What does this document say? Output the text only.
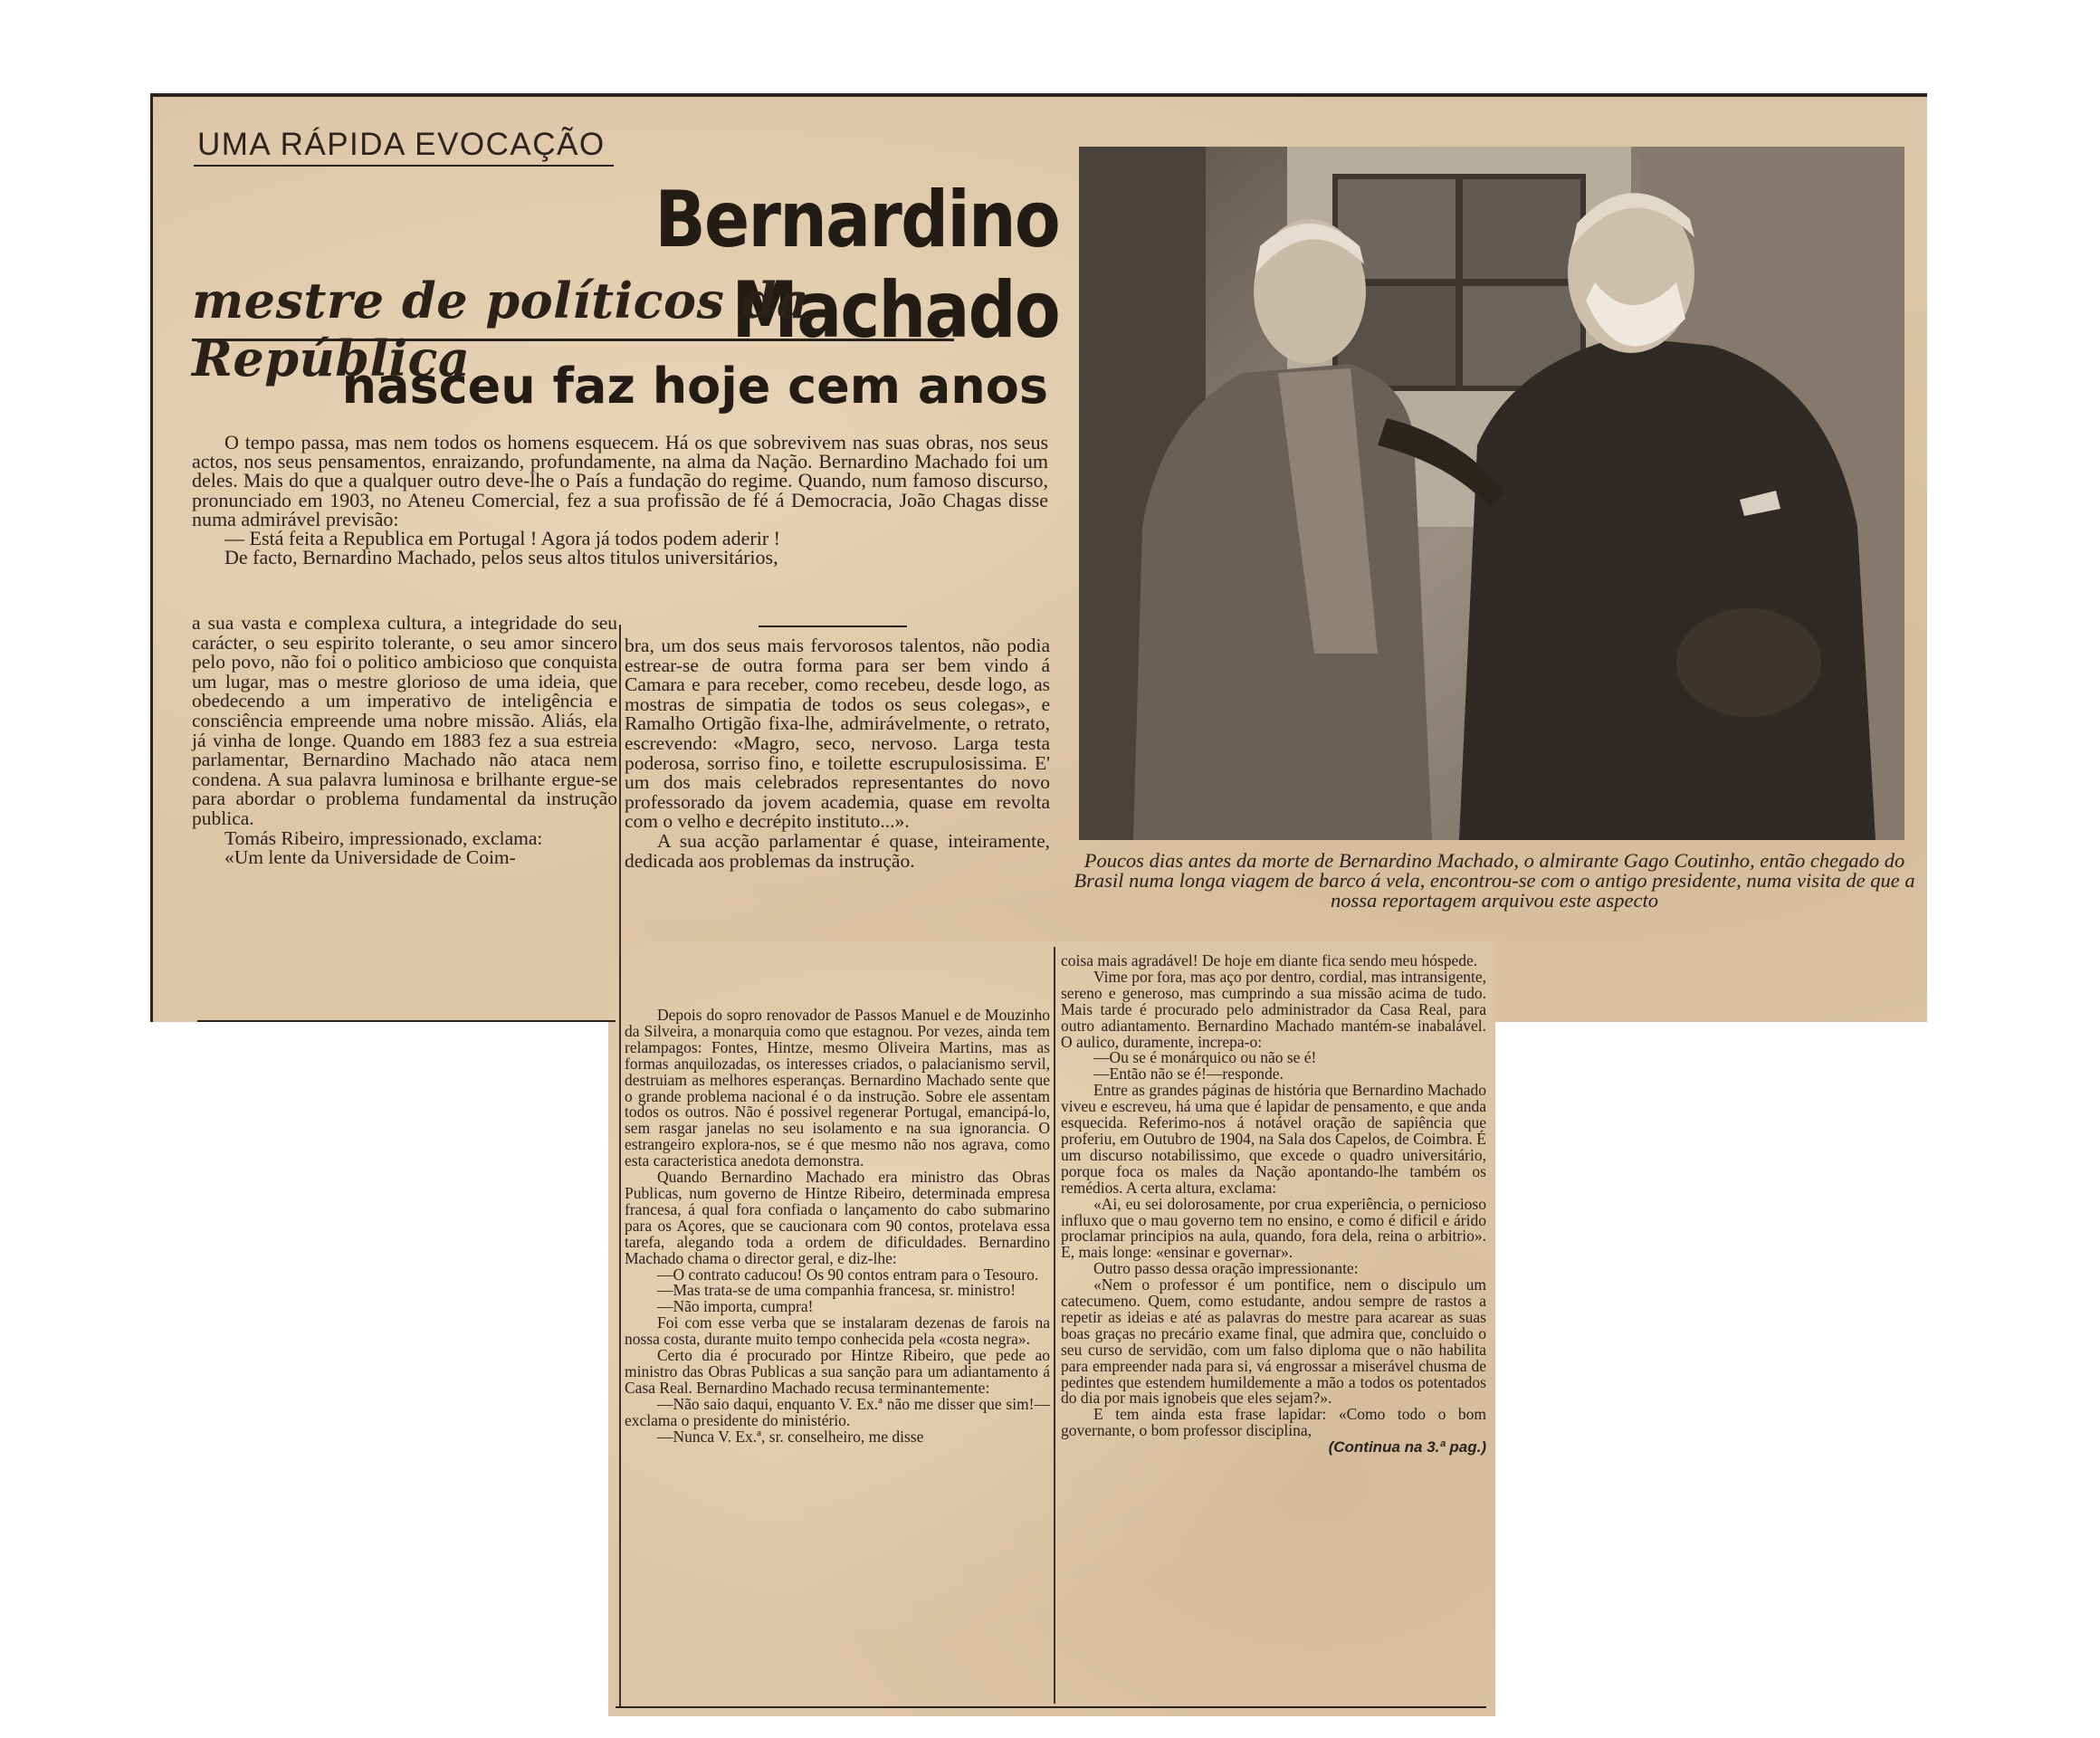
UMA RÁPIDA EVOCAÇÃO
Bernardino Machado
mestre de políticos da República
nasceu faz hoje cem anos

O tempo passa, mas nem todos os homens esquecem. Há os que sobrevivem nas suas obras, nos seus actos, nos seus pensamentos, enraizando, profundamente, na alma da Nação. Bernardino Machado foi um deles. Mais do que a qualquer outro deve-lhe o País a fundação do regime. Quando, num famoso discurso, pronunciado em 1903, no Ateneu Comercial, fez a sua profissão de fé á Democracia, João Chagas disse numa admirável previsão:

— Está feita a Republica em Portugal ! Agora já todos podem aderir !

De facto, Bernardino Machado, pelos seus altos titulos universitários,

a sua vasta e complexa cultura, a integridade do seu carácter, o seu espirito tolerante, o seu amor sincero pelo povo, não foi o politico ambicioso que conquista um lugar, mas o mestre glorioso de uma ideia, que obedecendo a um imperativo de inteligência e consciência empreende uma nobre missão. Aliás, ela já vinha de longe. Quando em 1883 fez a sua estreia parlamentar, Bernardino Machado não ataca nem condena. A sua palavra luminosa e brilhante ergue-se para abordar o problema fundamental da instrução publica.

Tomás Ribeiro, impressionado, exclama:

«Um lente da Universidade de Coim-

bra, um dos seus mais fervorosos talentos, não podia estrear-se de outra forma para ser bem vindo á Camara e para receber, como recebeu, desde logo, as mostras de simpatia de todos os seus colegas», e Ramalho Ortigão fixa-lhe, admirávelmente, o retrato, escrevendo: «Magro, seco, nervoso. Larga testa poderosa, sorriso fino, e toilette escrupulosissima. E' um dos mais celebrados representantes do novo professorado da jovem academia, quase em revolta com o velho e decrépito instituto...».

A sua acção parlamentar é quase, inteiramente, dedicada aos problemas da instrução.

Depois do sopro renovador de Passos Manuel e de Mouzinho da Silveira, a monarquia como que estagnou. Por vezes, ainda tem relampagos: Fontes, Hintze, mesmo Oliveira Martins, mas as formas anquilozadas, os interesses criados, o palacianismo servil, destruiam as melhores esperanças. Bernardino Machado sente que o grande problema nacional é o da instrução. Sobre ele assentam todos os outros. Não é possivel regenerar Portugal, emancipá-lo, sem rasgar janelas no seu isolamento e na sua ignorancia. O estrangeiro explora-nos, se é que mesmo não nos agrava, como esta caracteristica anedota demonstra.

Quando Bernardino Machado era ministro das Obras Publicas, num governo de Hintze Ribeiro, determinada empresa francesa, á qual fora confiada o lançamento do cabo submarino para os Açores, que se caucionara com 90 contos, protelava essa tarefa, alegando toda a ordem de dificuldades. Bernardino Machado chama o director geral, e diz-lhe:

—O contrato caducou! Os 90 contos entram para o Tesouro.

—Mas trata-se de uma companhia francesa, sr. ministro!

—Não importa, cumpra!

Foi com esse verba que se instalaram dezenas de farois na nossa costa, durante muito tempo conhecida pela «costa negra».

Certo dia é procurado por Hintze Ribeiro, que pede ao ministro das Obras Publicas a sua sanção para um adiantamento á Casa Real. Bernardino Machado recusa terminantemente:

—Não saio daqui, enquanto V. Ex.ª não me disser que sim!—exclama o presidente do ministério.

—Nunca V. Ex.ª, sr. conselheiro, me disse

coisa mais agradável! De hoje em diante fica sendo meu hóspede.

Vime por fora, mas aço por dentro, cordial, mas intransigente, sereno e generoso, mas cumprindo a sua missão acima de tudo. Mais tarde é procurado pelo administrador da Casa Real, para outro adiantamento. Bernardino Machado mantém-se inabalável. O aulico, duramente, increpa-o:

—Ou se é monárquico ou não se é!

—Então não se é!—responde.

Entre as grandes páginas de história que Bernardino Machado viveu e escreveu, há uma que é lapidar de pensamento, e que anda esquecida. Referimo-nos á notável oração de sapiência que proferiu, em Outubro de 1904, na Sala dos Capelos, de Coimbra. É um discurso notabilissimo, que excede o quadro universitário, porque foca os males da Nação apontando-lhe também os remédios. A certa altura, exclama:

«Ai, eu sei dolorosamente, por crua experiência, o pernicioso influxo que o mau governo tem no ensino, e como é dificil e árido proclamar principios na aula, quando, fora dela, reina o arbitrio». E, mais longe: «ensinar e governar».

Outro passo dessa oração impressionante:

«Nem o professor é um pontifice, nem o discipulo um catecumeno. Quem, como estudante, andou sempre de rastos a repetir as ideias e até as palavras do mestre para acarear as suas boas graças no precário exame final, que admira que, concluido o seu curso de servidão, com um falso diploma que o não habilita para empreender nada para si, vá engrossar a miserável chusma de pedintes que estendem humildemente a mão a todos os potentados do dia por mais ignobeis que eles sejam?».

E tem ainda esta frase lapidar: «Como todo o bom governante, o bom professor disciplina,

(Continua na 3.ª pag.)

Poucos dias antes da morte de Bernardino Machado, o almirante Gago Coutinho, então chegado do Brasil numa longa viagem de barco á vela, encontrou-se com o antigo presidente, numa visita de que a nossa reportagem arquivou este aspecto
